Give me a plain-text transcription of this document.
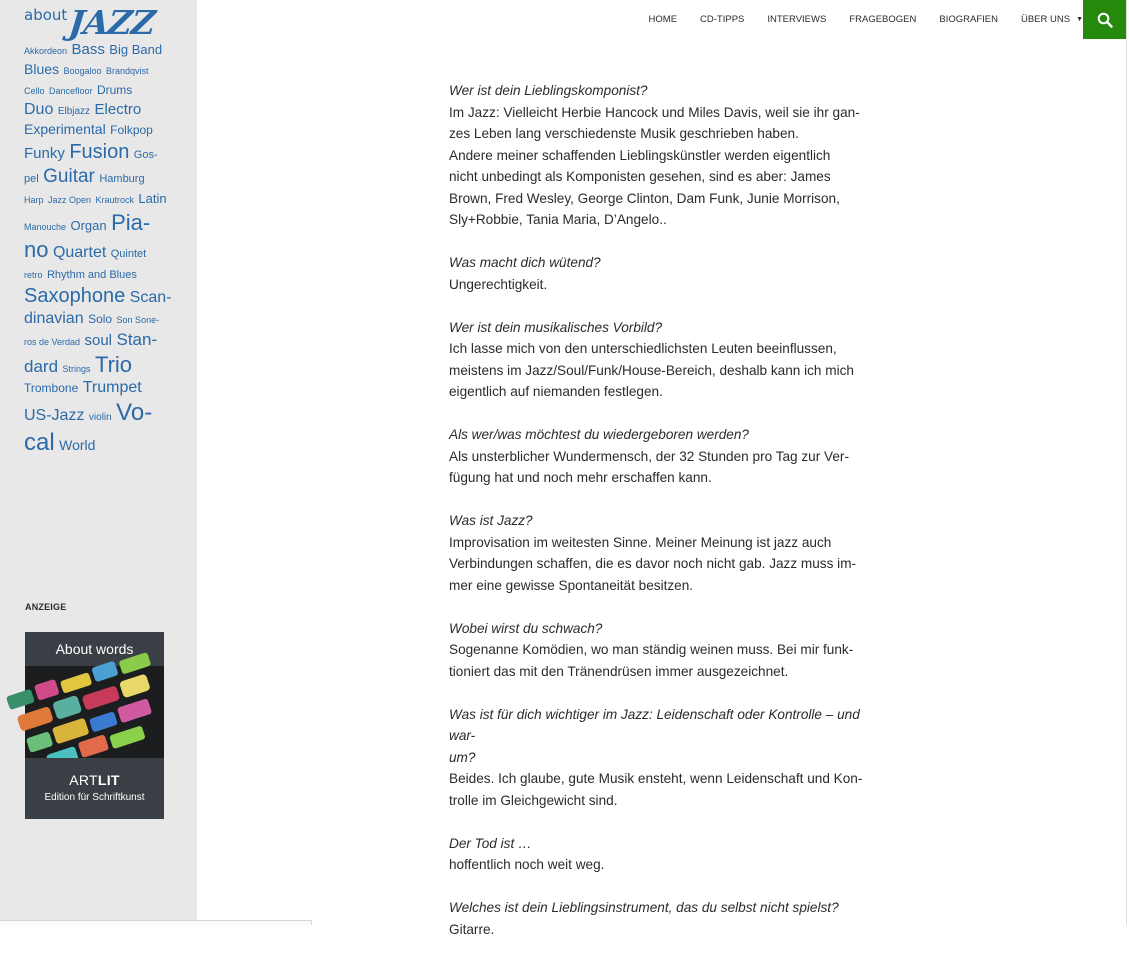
about JAZZ
Akkordeon Bass Big Band
Blues Boogaloo Brandqvist
Cello Dancefloor Drums
Duo Elbjazz Electro
Experimental Folkpop
Funky Fusion Gos-
pel Guitar Hamburg
Harp Jazz Open Krautrock Latin
Manouche Organ Pia-
no Quartet Quintet
retro Rhythm and Blues
Saxophone Scan-
dinavian Solo Son Sone-
ros de Verdad soul Stan-
dard Strings Trio
Trombone Trumpet
US-Jazz violin Vo-
cal World
ANZEIGE
About words
ARTLIT
Edition für Schriftkunst
HOME CD-TIPPS INTERVIEWS FRAGEBOGEN BIOGRAFIEN ÜBER UNS ▼
Wer ist dein Lieblingskomponist?
Im Jazz: Vielleicht Herbie Hancock und Miles Davis, weil sie ihr gan-
zes Leben lang verschiedenste Musik geschrieben haben.
Andere meiner schaffenden Lieblingskünstler werden eigentlich
nicht unbedingt als Komponisten gesehen, sind es aber: James
Brown, Fred Wesley, George Clinton, Dam Funk, Junie Morrison,
Sly+Robbie, Tania Maria, D’Angelo..
Was macht dich wütend?
Ungerechtigkeit.
Wer ist dein musikalisches Vorbild?
Ich lasse mich von den unterschiedlichsten Leuten beeinflussen,
meistens im Jazz/Soul/Funk/House-Bereich, deshalb kann ich mich
eigentlich auf niemanden festlegen.
Als wer/was möchtest du wiedergeboren werden?
Als unsterblicher Wundermensch, der 32 Stunden pro Tag zur Ver-
fügung hat und noch mehr erschaffen kann.
Was ist Jazz?
Improvisation im weitesten Sinne. Meiner Meinung ist jazz auch
Verbindungen schaffen, die es davor noch nicht gab. Jazz muss im-
mer eine gewisse Spontaneität besitzen.
Wobei wirst du schwach?
Sogenanne Komödien, wo man ständig weinen muss. Bei mir funk-
tioniert das mit den Tränendrüsen immer ausgezeichnet.
Was ist für dich wichtiger im Jazz: Leidenschaft oder Kontrolle – und war-
um?
Beides. Ich glaube, gute Musik ensteht, wenn Leidenschaft und Kon-
trolle im Gleichgewicht sind.
Der Tod ist …
hoffentlich noch weit weg.
Welches ist dein Lieblingsinstrument, das du selbst nicht spielst?
Gitarre.
